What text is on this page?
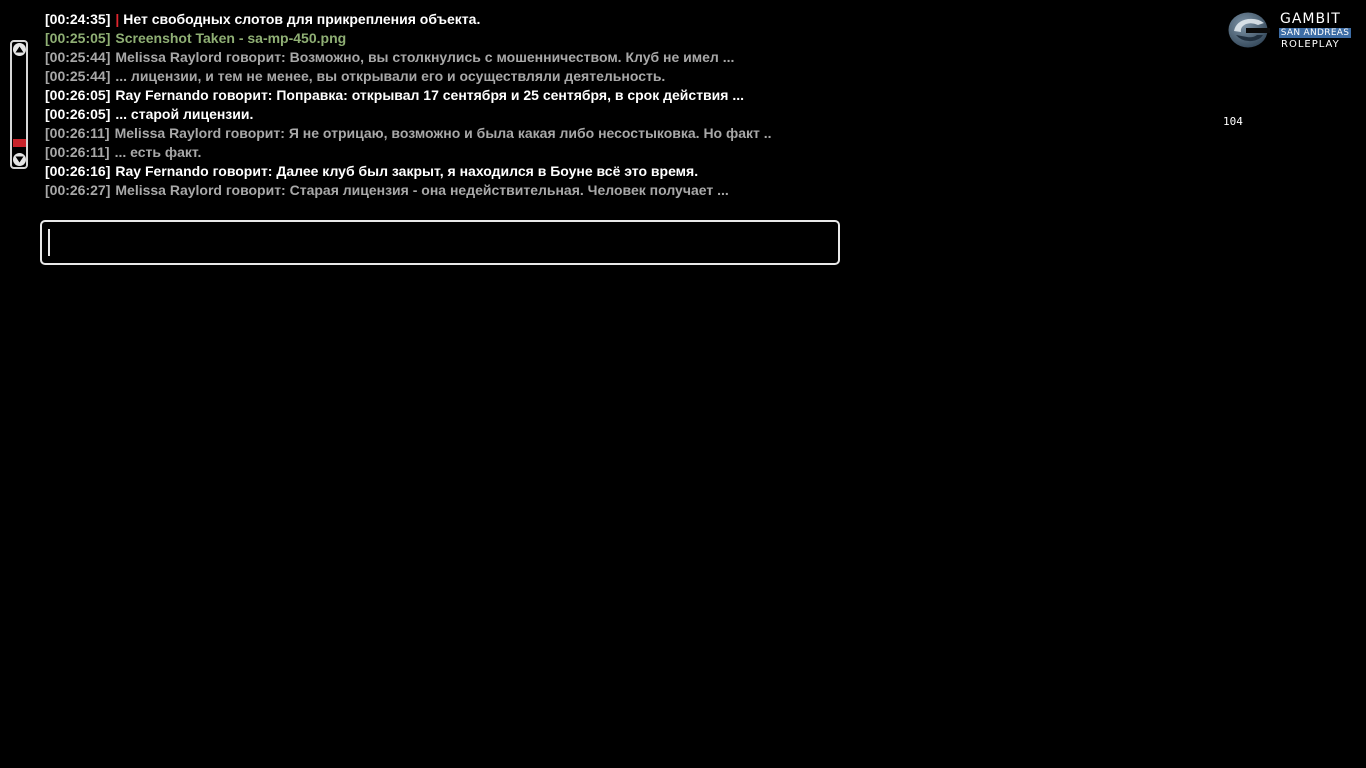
[00:24:35] | Нет свободных слотов для прикрепления объекта.
[00:25:05] Screenshot Taken - sa-mp-450.png
[00:25:44] Melissa Raylord говорит: Возможно, вы столкнулись с мошенничеством. Клуб не имел ...
[00:25:44] ... лицензии, и тем не менее, вы открывали его и осуществляли деятельность.
[00:26:05] Ray Fernando говорит: Поправка: открывал 17 сентября и 25 сентября, в срок действия ...
[00:26:05] ... старой лицензии.
[00:26:11] Melissa Raylord говорит: Я не отрицаю, возможно и была какая либо несостыковка. Но факт ..
[00:26:11] ... есть факт.
[00:26:16] Ray Fernando говорит: Далее клуб был закрыт, я находился в Боуне всё это время.
[00:26:27] Melissa Raylord говорит: Старая лицензия - она недействительная. Человек получает ...
GAMBIT
SAN ANDREAS
ROLEPLAY
104
